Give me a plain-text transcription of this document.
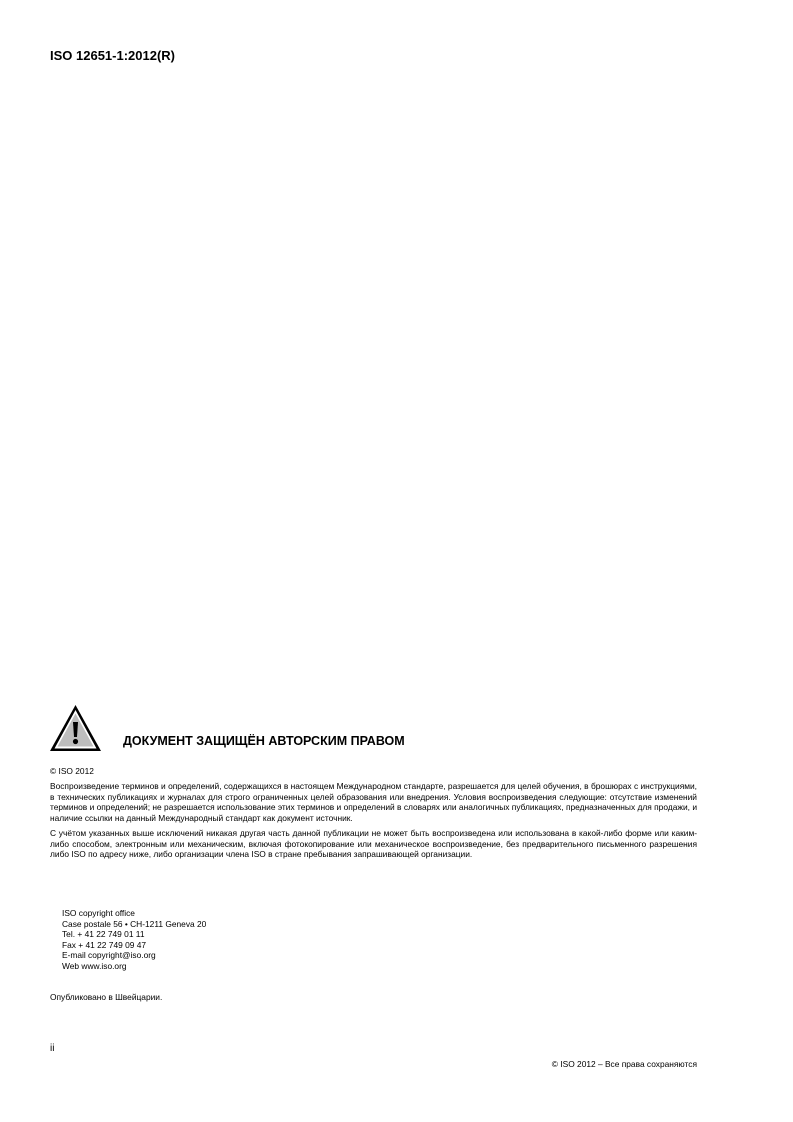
ISO 12651-1:2012(R)
ДОКУМЕНТ ЗАЩИЩЁН АВТОРСКИМ ПРАВОМ
© ISO 2012

Воспроизведение терминов и определений, содержащихся в настоящем Международном стандарте, разрешается для целей обучения, в брошюрах с инструкциями, в технических публикациях и журналах для строго ограниченных целей образования или внедрения. Условия воспроизведения следующие: отсутствие изменений терминов и определений; не разрешается использование этих терминов и определений в словарях или аналогичных публикациях, предназначенных для продажи, и наличие ссылки на данный Международный стандарт как документ источник.

С учётом указанных выше исключений никакая другая часть данной публикации не может быть воспроизведена или использована в какой-либо форме или каким-либо способом, электронным или механическим, включая фотокопирование или механическое воспроизведение, без предварительного письменного разрешения либо ISO по адресу ниже, либо организации члена ISO в стране пребывания запрашивающей организации.

ISO copyright office
Case postale 56 • CH-1211 Geneva 20
Tel. + 41 22 749 01 11
Fax + 41 22 749 09 47
E-mail copyright@iso.org
Web www.iso.org
Опубликовано в Швейцарии.
ii
© ISO 2012 – Все права сохраняются
